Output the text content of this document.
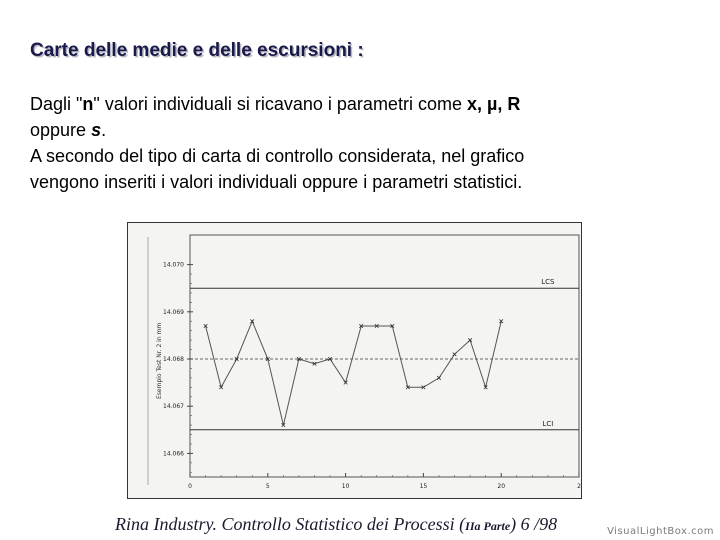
Carte delle medie e delle escursioni :

Dagli "n" valori individuali si ricavano i parametri come x, µ, R

oppure s.

A secondo del tipo di carta di controllo considerata, nel grafico

vengono inseriti i valori individuali oppure i parametri statistici.

14.070
14.069
14.068
14.067
14.066
0	5	10	15	20	2
LCS
LCI
Esempio Test Nr. 2 in mm
Rina Industry. Controllo Statistico dei Processi (IIa Parte) 6 /98	VisualLightBox.com
